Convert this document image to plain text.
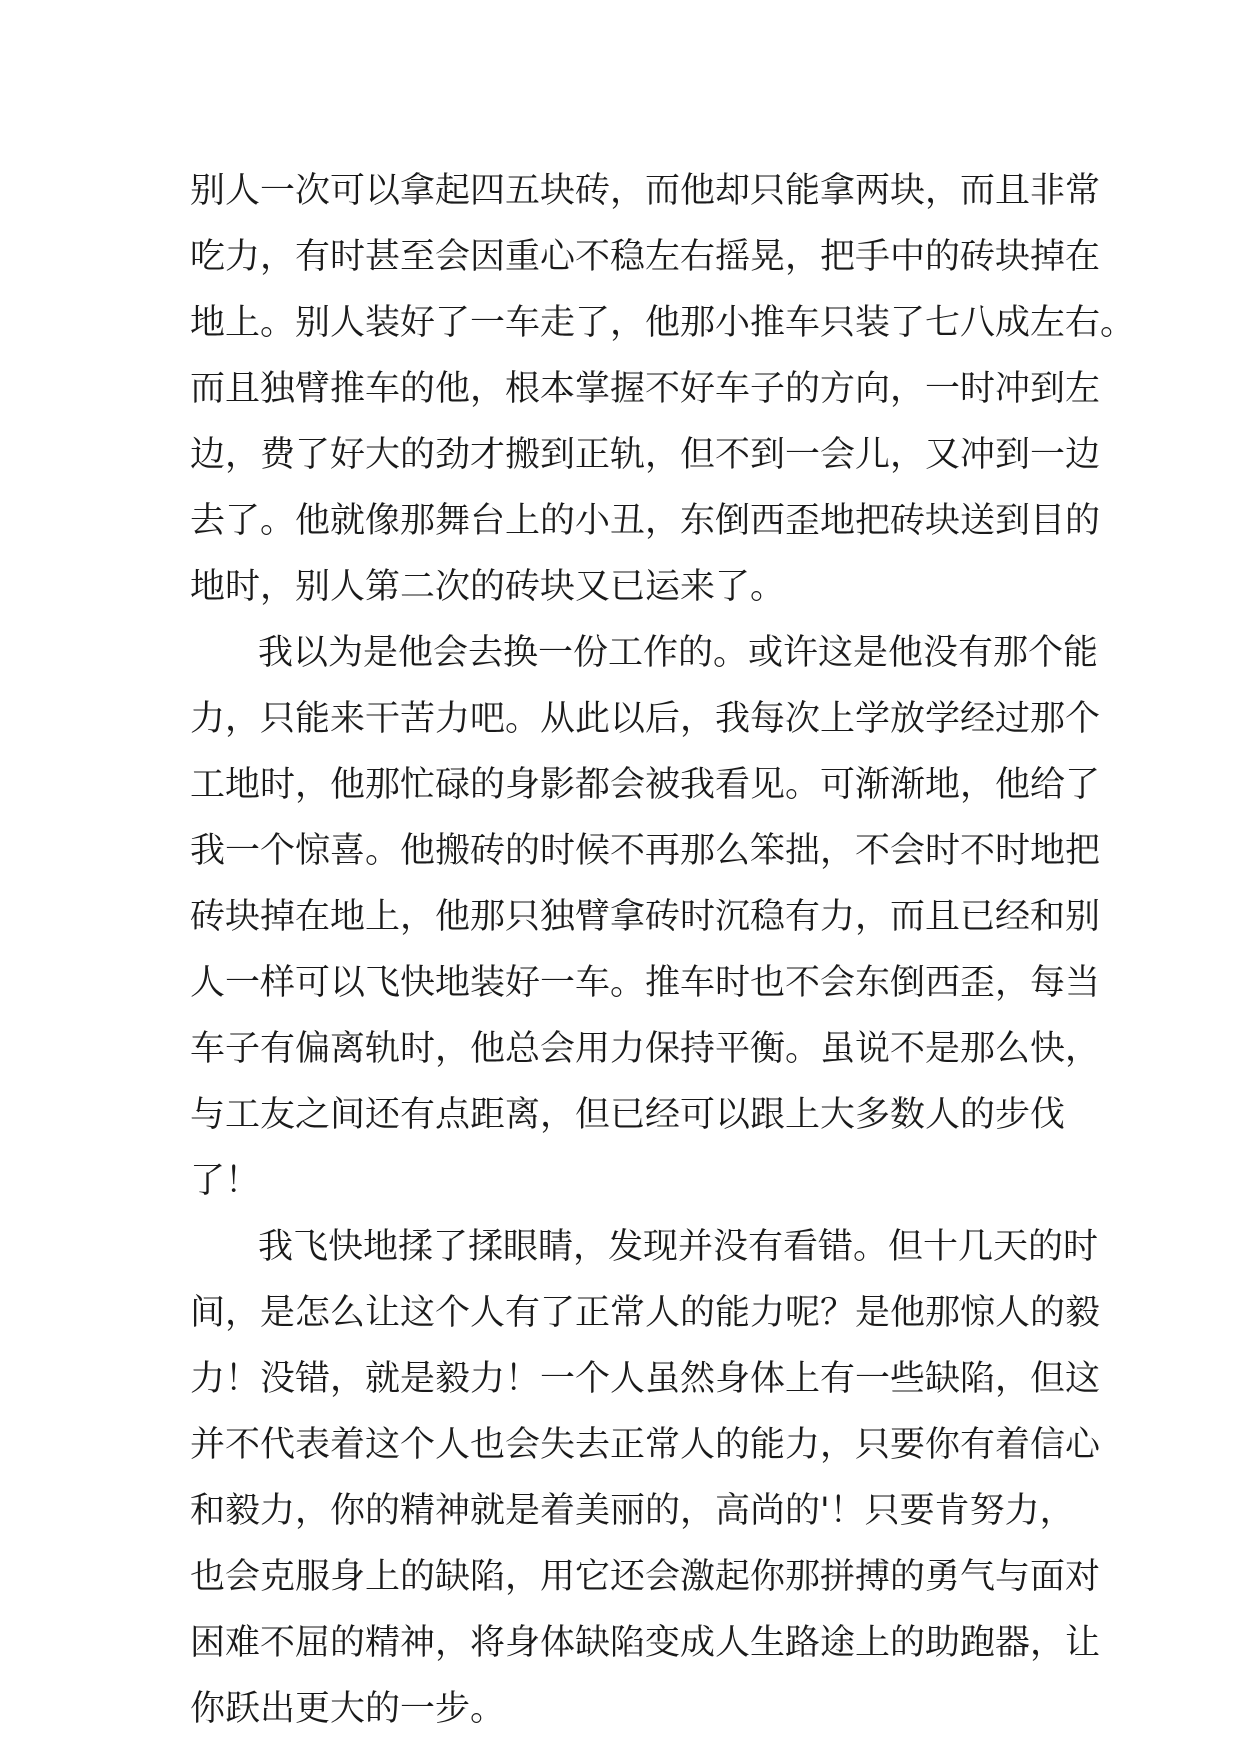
别人一次可以拿起四五块砖，而他却只能拿两块，而且非常
吃力，有时甚至会因重心不稳左右摇晃，把手中的砖块掉在
地上。别人装好了一车走了，他那小推车只装了七八成左右。
而且独臂推车的他，根本掌握不好车子的方向，一时冲到左
边，费了好大的劲才搬到正轨，但不到一会儿，又冲到一边
去了。他就像那舞台上的小丑，东倒西歪地把砖块送到目的
地时，别人第二次的砖块又已运来了。
我以为是他会去换一份工作的。或许这是他没有那个能
力，只能来干苦力吧。从此以后，我每次上学放学经过那个
工地时，他那忙碌的身影都会被我看见。可渐渐地，他给了
我一个惊喜。他搬砖的时候不再那么笨拙，不会时不时地把
砖块掉在地上，他那只独臂拿砖时沉稳有力，而且已经和别
人一样可以飞快地装好一车。推车时也不会东倒西歪，每当
车子有偏离轨时，他总会用力保持平衡。虽说不是那么快，
与工友之间还有点距离，但已经可以跟上大多数人的步伐
了！
我飞快地揉了揉眼睛，发现并没有看错。但十几天的时
间，是怎么让这个人有了正常人的能力呢？是他那惊人的毅
力！没错，就是毅力！一个人虽然身体上有一些缺陷，但这
并不代表着这个人也会失去正常人的能力，只要你有着信心
和毅力，你的精神就是着美丽的，高尚的'！只要肯努力，
也会克服身上的缺陷，用它还会激起你那拼搏的勇气与面对
困难不屈的精神，将身体缺陷变成人生路途上的助跑器，让
你跃出更大的一步。
